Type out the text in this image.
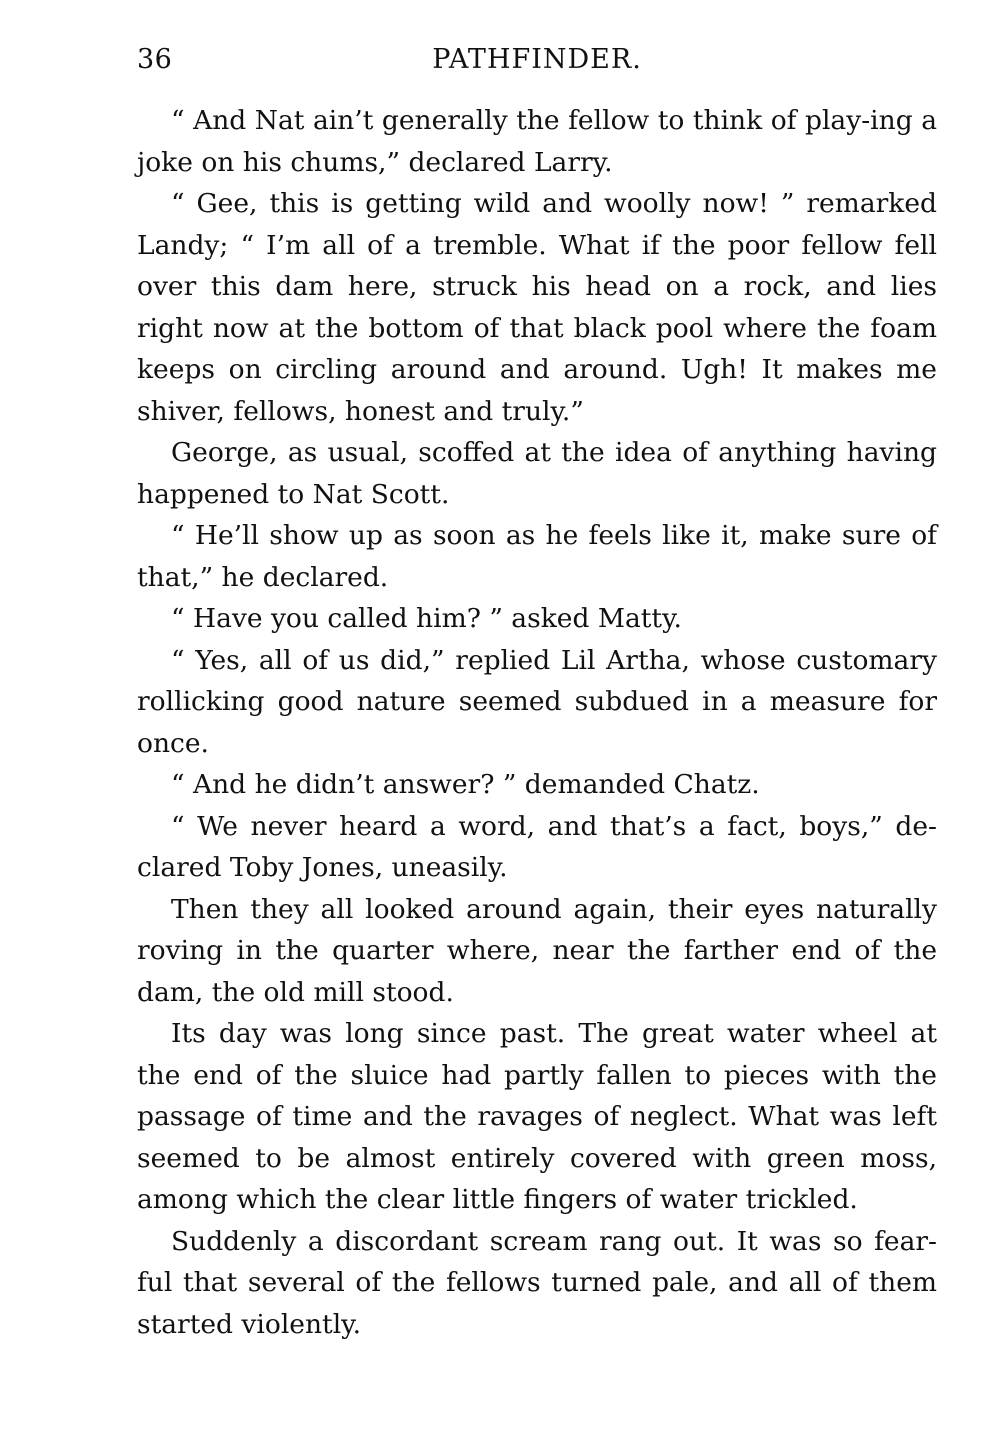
36	PATHFINDER.

“ And Nat ain’t generally the fellow to think of play-ing a joke on his chums,” declared Larry.

“ Gee, this is getting wild and woolly now! ” remarked Landy; “ I’m all of a tremble. What if the poor fellow fell over this dam here, struck his head on a rock, and lies right now at the bottom of that black pool where the foam keeps on circling around and around. Ugh! It makes me shiver, fellows, honest and truly.”

George, as usual, scoffed at the idea of anything having happened to Nat Scott.

“ He’ll show up as soon as he feels like it, make sure of that,” he declared.

“ Have you called him? ” asked Matty.

“ Yes, all of us did,” replied Lil Artha, whose customary rollicking good nature seemed subdued in a measure for once.

“ And he didn’t answer? ” demanded Chatz.

“ We never heard a word, and that’s a fact, boys,” de-clared Toby Jones, uneasily.

Then they all looked around again, their eyes naturally roving in the quarter where, near the farther end of the dam, the old mill stood.

Its day was long since past. The great water wheel at the end of the sluice had partly fallen to pieces with the passage of time and the ravages of neglect. What was left seemed to be almost entirely covered with green moss, among which the clear little fingers of water trickled.

Suddenly a discordant scream rang out. It was so fear-ful that several of the fellows turned pale, and all of them started violently.
